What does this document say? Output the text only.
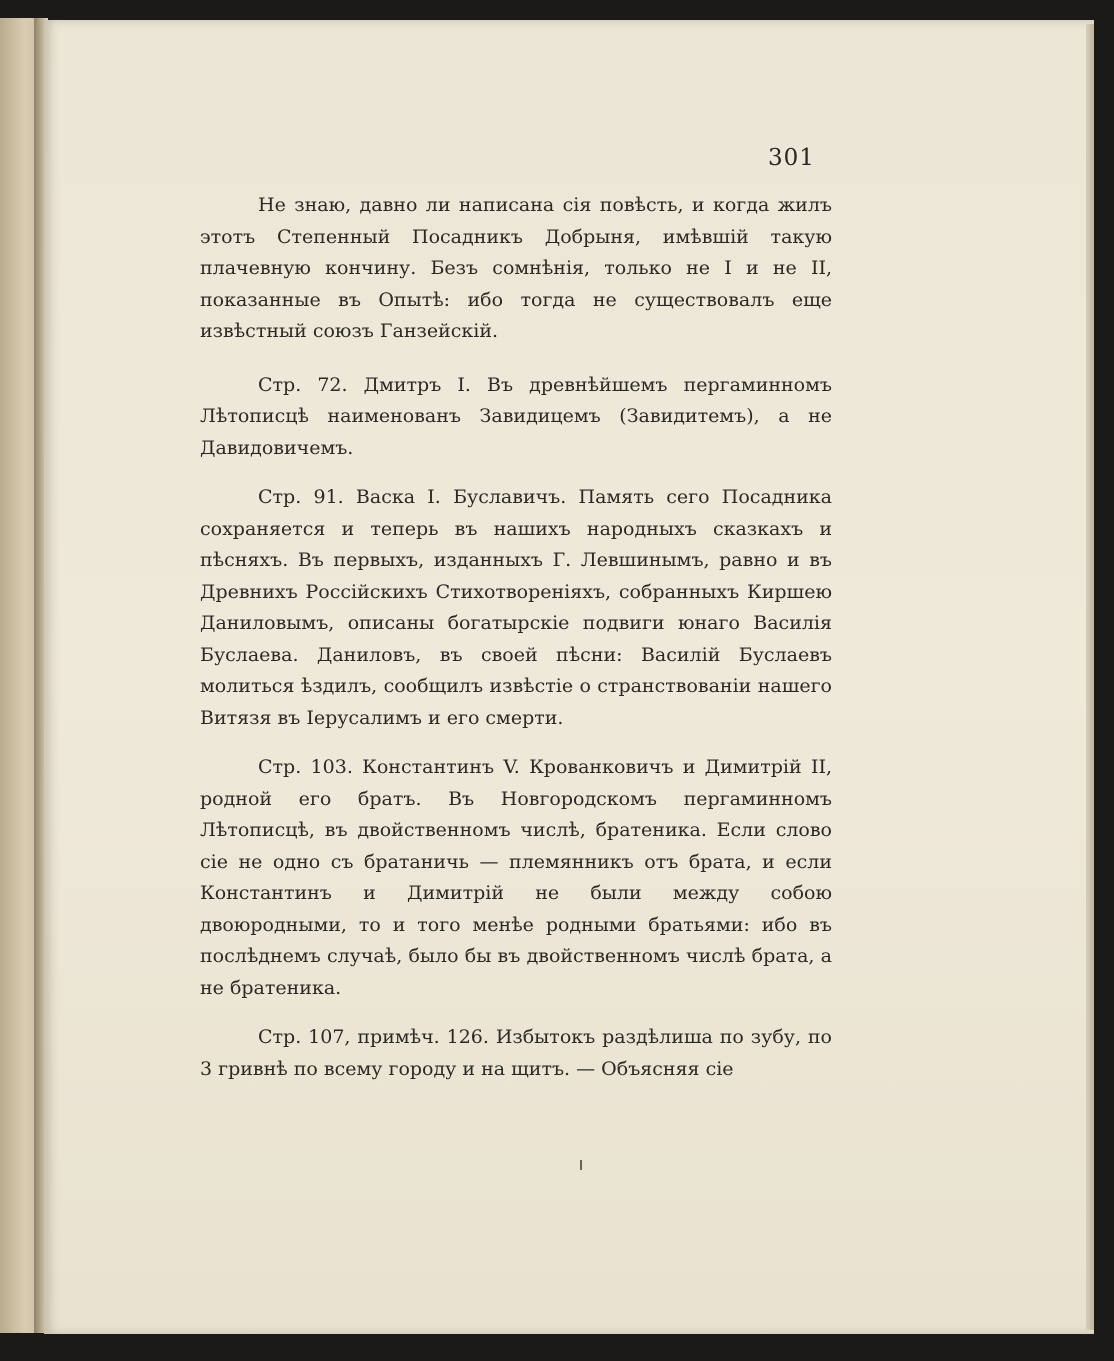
301

Не знаю, давно ли написана сія повѣсть, и когда жилъ этотъ Степенный Посадникъ Добрыня, имѣвшій такую плачевную кончину. Безъ сомнѣнія, только не I и не II, показанные въ Опытѣ: ибо тогда не существовалъ еще извѣстный союзъ Ганзейскій.

Стр. 72. Дмитръ I. Въ древнѣйшемъ пергаминномъ Лѣтописцѣ наименованъ Завидицемъ (Завидитемъ), а не Давидовичемъ.

Стр. 91. Васка I. Буславичъ. Память сего Посадника сохраняется и теперь въ нашихъ народныхъ сказкахъ и пѣсняхъ. Въ первыхъ, изданныхъ Г. Левшинымъ, равно и въ Древнихъ Россійскихъ Стихотвореніяхъ, собранныхъ Киршею Даниловымъ, описаны богатырскіе подвиги юнаго Василія Буслаева. Даниловъ, въ своей пѣсни: Василій Буслаевъ молиться ѣздилъ, сообщилъ извѣстіе о странствованіи нашего Витязя въ Іерусалимъ и его смерти.

Стр. 103. Константинъ V. Крованковичъ и Димитрій II, родной его братъ. Въ Новгородскомъ пергаминномъ Лѣтописцѣ, въ двойственномъ числѣ, братеника. Если слово сіе не одно съ братаничь — племянникъ отъ брата, и если Константинъ и Димитрій не были между собою двоюродными, то и того менѣе родными братьями: ибо въ послѣднемъ случаѣ, было бы въ двойственномъ числѣ брата, а не братеника.

Стр. 107, примѣч. 126. Избытокъ раздѣлиша по зубу, по 3 гривнѣ по всему городу и на щитъ. — Объясняя сіе
